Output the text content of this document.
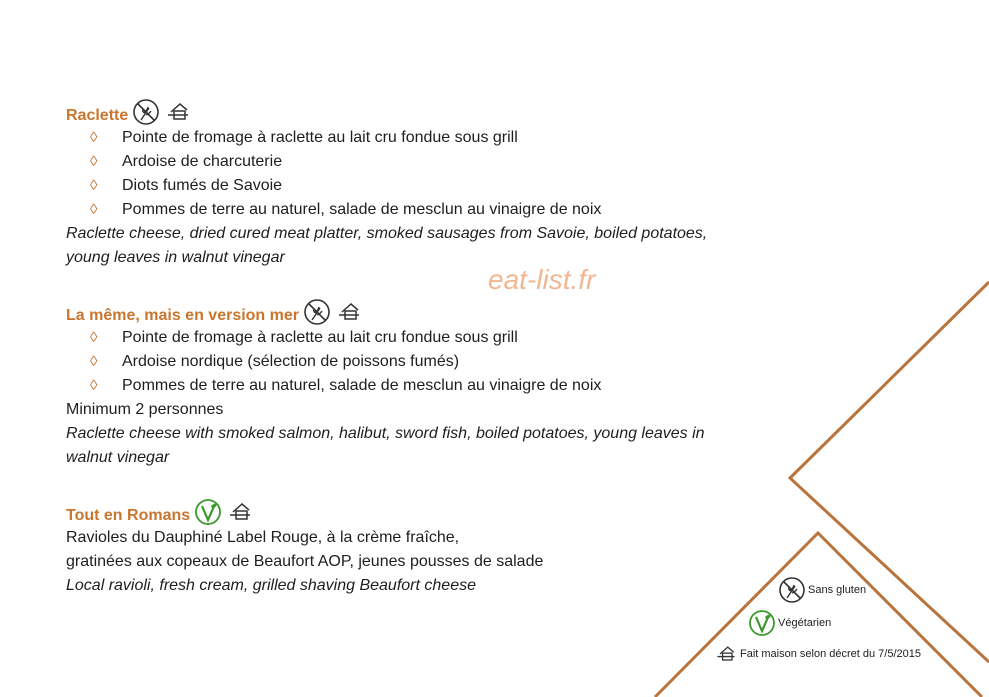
eat-list.fr
Raclette
◊ Pointe de fromage à raclette au lait cru fondue sous grill
◊ Ardoise de charcuterie
◊ Diots fumés de Savoie
◊ Pommes de terre au naturel, salade de mesclun au vinaigre de noix
Raclette cheese, dried cured meat platter, smoked sausages from Savoie, boiled potatoes,
young leaves in walnut vinegar
La même, mais en version mer
◊ Pointe de fromage à raclette au lait cru fondue sous grill
◊ Ardoise nordique (sélection de poissons fumés)
◊ Pommes de terre au naturel, salade de mesclun au vinaigre de noix
Minimum 2 personnes
Raclette cheese with smoked salmon, halibut, sword fish, boiled potatoes, young leaves in
walnut vinegar
Tout en Romans
Ravioles du Dauphiné Label Rouge, à la crème fraîche,
gratinées aux copeaux de Beaufort AOP, jeunes pousses de salade
Local ravioli, fresh cream, grilled shaving Beaufort cheese	Sans gluten
Végétarien
Fait maison selon décret du 7/5/2015
